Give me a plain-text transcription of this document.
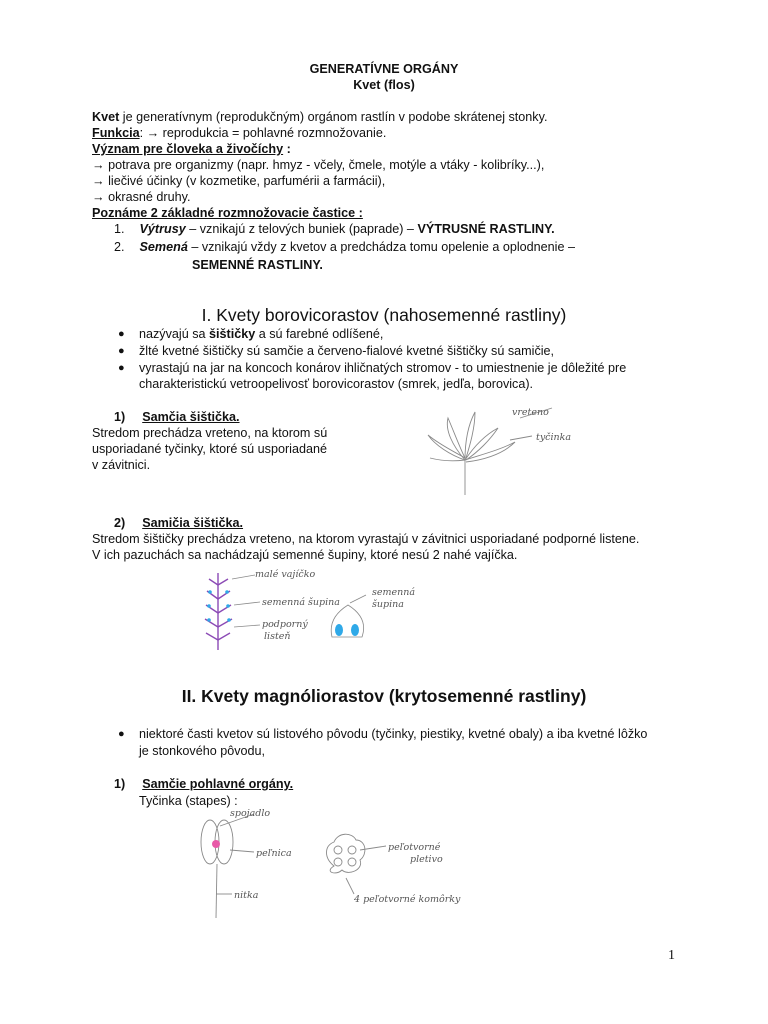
GENERATÍVNE ORGÁNY
Kvet (flos)
Kvet je generatívnym (reprodukčným) orgánom rastlín v podobe skrátenej stonky.
Funkcia: → reprodukcia = pohlavné rozmnožovanie.
Význam pre človeka a živočíchy :
→ potrava pre organizmy (napr. hmyz - včely, čmele, motýle a vtáky - kolibríky...),
→ liečivé účinky (v kozmetike, parfumérii a farmácii),
→ okrasné druhy.
Poznáme 2 základné rozmnožovacie častice :
1. Výtrusy – vznikajú z telových buniek (paprade) – VÝTRUSNÉ RASTLINY.
2. Semená – vznikajú vždy z kvetov a predchádza tomu opelenie a oplodnenie –
SEMENNÉ RASTLINY.
I. Kvety borovicorastov (nahosemenné rastliny)
● nazývajú sa šištičky a sú farebné odlíšené,
● žlté kvetné šištičky sú samčie a červeno-fialové kvetné šištičky sú samičie,
● vyrastajú na jar na koncoch konárov ihličnatých stromov - to umiestnenie je dôležité pre
charakteristickú vetroopelivosť borovicorastov (smrek, jedľa, borovica).
1) Samčia šištička.
Stredom prechádza vreteno, na ktorom sú
usporiadané tyčinky, ktoré sú usporiadané
v závitnici.
vreteno
tyčinka
2) Samičia šištička.
Stredom šištičky prechádza vreteno, na ktorom vyrastajú v závitnici usporiadané podporné listene.
V ich pazuchách sa nachádzajú semenné šupiny, ktoré nesú 2 nahé vajíčka.
malé vajíčko
semenná šupina
podporný
listeň
semenná
šupina
II. Kvety magnóliorastov (krytosemenné rastliny)
● niektoré časti kvetov sú listového pôvodu (tyčinky, piestiky, kvetné obaly) a iba kvetné lôžko
je stonkového pôvodu,
1) Samčie pohlavné orgány.
Tyčinka (stapes) :
spojadlo
peľnica
nitka
peľotvorné
pletivo
4 peľotvorné komôrky
1
